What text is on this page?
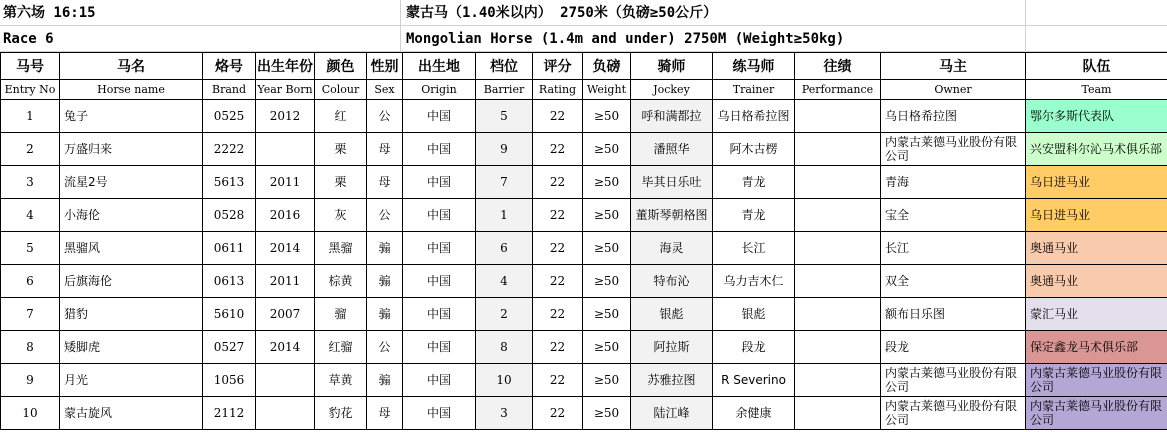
第六场 16:15	蒙古马（1.40米以内） 2750米（负磅≥50公斤）
Race 6	Mongolian Horse (1.4m and under) 2750M (Weight≥50kg)
马号	马名	烙号	出生年份	颜色	性别	出生地	档位	评分	负磅	骑师	练马师	往绩	马主	队伍
Entry No	Horse name	Brand	Year Born	Colour	Sex	Origin	Barrier	Rating	Weight	Jockey	Trainer	Performance	Owner	Team
1	兔子	0525	2012	红	公	中国	5	22	≥50	呼和满都拉	乌日格希拉图		乌日格希拉图	鄂尔多斯代表队
2	万盛归来	2222		栗	母	中国	9	22	≥50	潘照华	阿木古楞		内蒙古莱德马业股份有限公司	兴安盟科尔沁马术俱乐部
3	流星2号	5613	2011	栗	母	中国	7	22	≥50	毕其日乐吐	青龙		青海	乌日进马业
4	小海伦	0528	2016	灰	公	中国	1	22	≥50	董斯琴朝格图	青龙		宝全	乌日进马业
5	黑骝风	0611	2014	黑骝	骟	中国	6	22	≥50	海灵	长江		长江	奥通马业
6	后旗海伦	0613	2011	棕黄	骟	中国	4	22	≥50	特布沁	乌力吉木仁		双全	奥通马业
7	猎豹	5610	2007	骝	骟	中国	2	22	≥50	银彪	银彪		额布日乐图	蒙汇马业
8	矮脚虎	0527	2014	红骝	公	中国	8	22	≥50	阿拉斯	段龙		段龙	保定鑫龙马术俱乐部
9	月光	1056		草黄	骟	中国	10	22	≥50	苏雅拉图	R Severino		内蒙古莱德马业股份有限公司	内蒙古莱德马业股份有限公司
10	蒙古旋风	2112		豹花	母	中国	3	22	≥50	陆江峰	余健康		内蒙古莱德马业股份有限公司	内蒙古莱德马业股份有限公司
